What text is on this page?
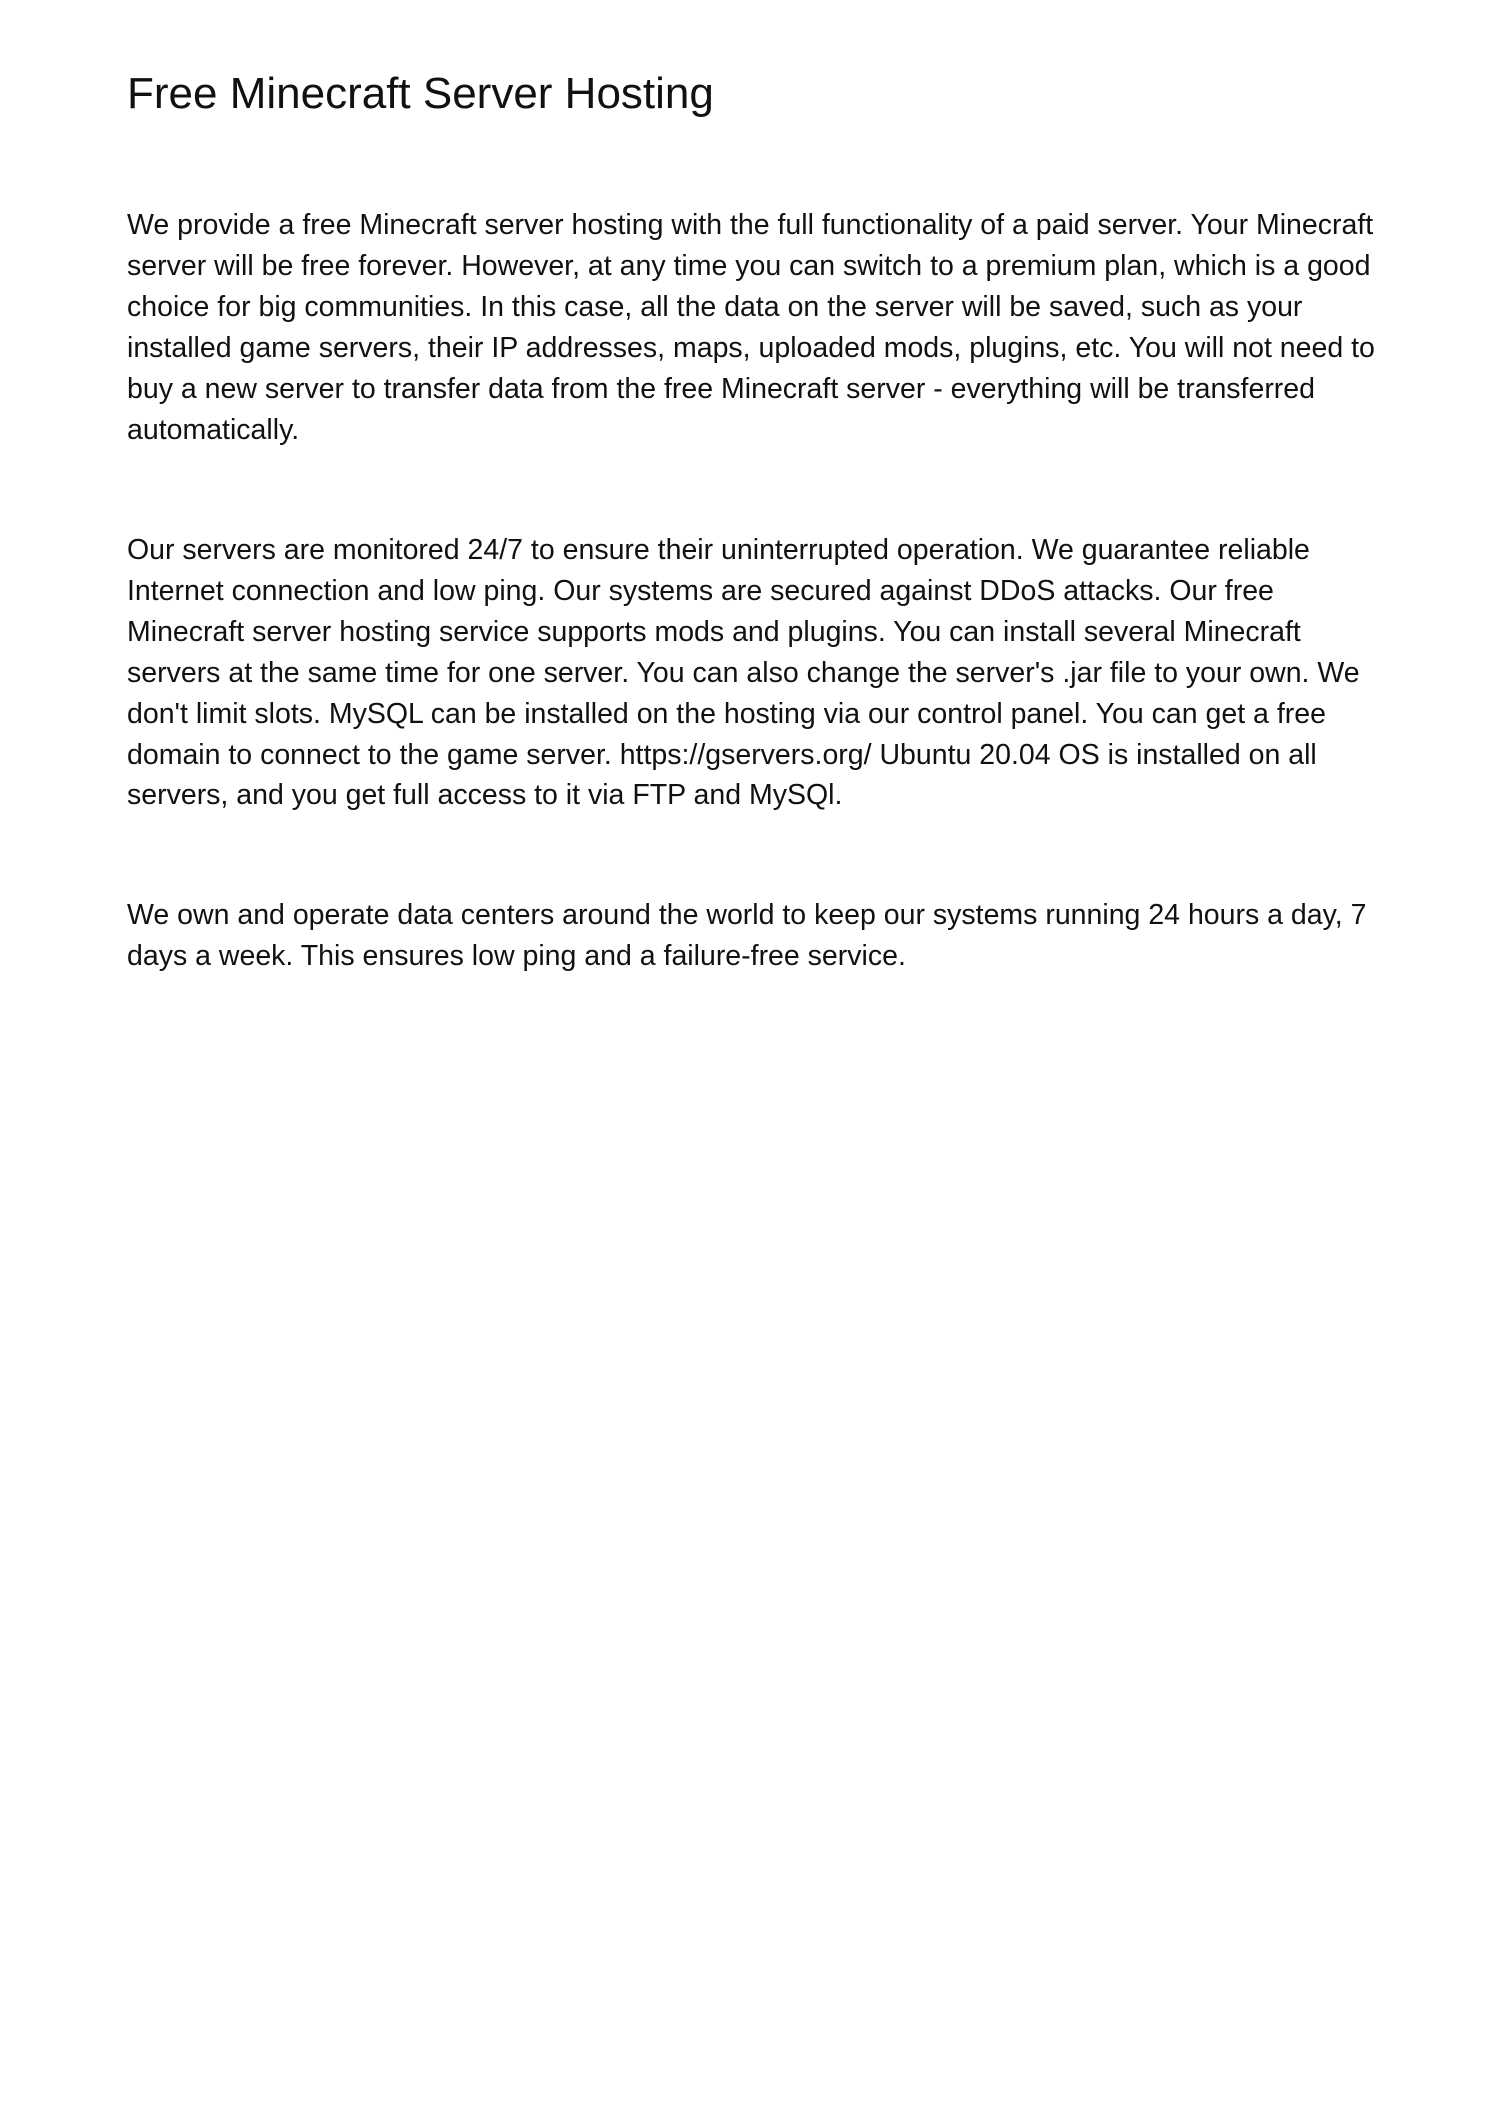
Free Minecraft Server Hosting

We provide a free Minecraft server hosting with the full functionality of a paid server. Your Minecraft server will be free forever. However, at any time you can switch to a premium plan, which is a good choice for big communities. In this case, all the data on the server will be saved, such as your installed game servers, their IP addresses, maps, uploaded mods, plugins, etc. You will not need to buy a new server to transfer data from the free Minecraft server - everything will be transferred automatically.

Our servers are monitored 24/7 to ensure their uninterrupted operation. We guarantee reliable Internet connection and low ping. Our systems are secured against DDoS attacks. Our free Minecraft server hosting service supports mods and plugins. You can install several Minecraft servers at the same time for one server. You can also change the server's .jar file to your own. We don't limit slots. MySQL can be installed on the hosting via our control panel. You can get a free domain to connect to the game server. https://gservers.org/ Ubuntu 20.04 OS is installed on all servers, and you get full access to it via FTP and MySQl.

We own and operate data centers around the world to keep our systems running 24 hours a day, 7 days a week. This ensures low ping and a failure-free service.
